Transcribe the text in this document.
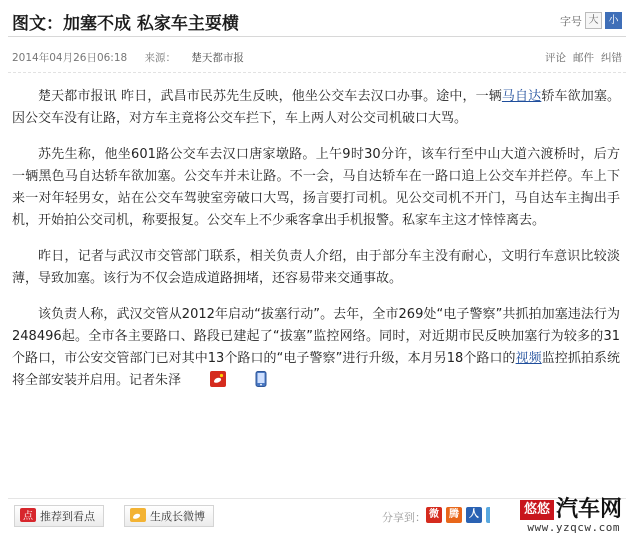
图文：加塞不成 私家车主耍横	字号 大	小
2014年04月26日06:18 来源： 楚天都市报	评论 邮件 纠错

楚天都市报讯 昨日，武昌市民苏先生反映，他坐公交车去汉口办事。途中，一辆马自达轿车欲加塞。因公交车没有让路，对方车主竟将公交车拦下，车上两人对公交司机破口大骂。

苏先生称，他坐601路公交车去汉口唐家墩路。上午9时30分许，该车行至中山大道六渡桥时，后方一辆黑色马自达轿车欲加塞。公交车并未让路。不一会，马自达轿车在一路口追上公交车并拦停。车上下来一对年轻男女，站在公交车驾驶室旁破口大骂，扬言要打司机。见公交司机不开门，马自达车主掏出手机，开始拍公交司机，称要报复。公交车上不少乘客拿出手机报警。私家车主这才悻悻离去。

昨日，记者与武汉市交管部门联系，相关负责人介绍，由于部分车主没有耐心，文明行车意识比较淡薄，导致加塞。该行为不仅会造成道路拥堵，还容易带来交通事故。

该负责人称，武汉交管从2012年启动“拔塞行动”。去年，全市269处“电子警察”共抓拍加塞违法行为248496起。全市各主要路口、路段已建起了“拔塞”监控网络。同时，对近期市民反映加塞行为较多的31个路口，市公安交管部门已对其中13个路口的“电子警察”进行升级，本月另18个路口的视频监控抓拍系统将全部安装并启用。记者朱泽

点 推荐到看点	生成长微博	分享到： 微	腾	人	悠悠 汽车网
www.yzqcw.com
